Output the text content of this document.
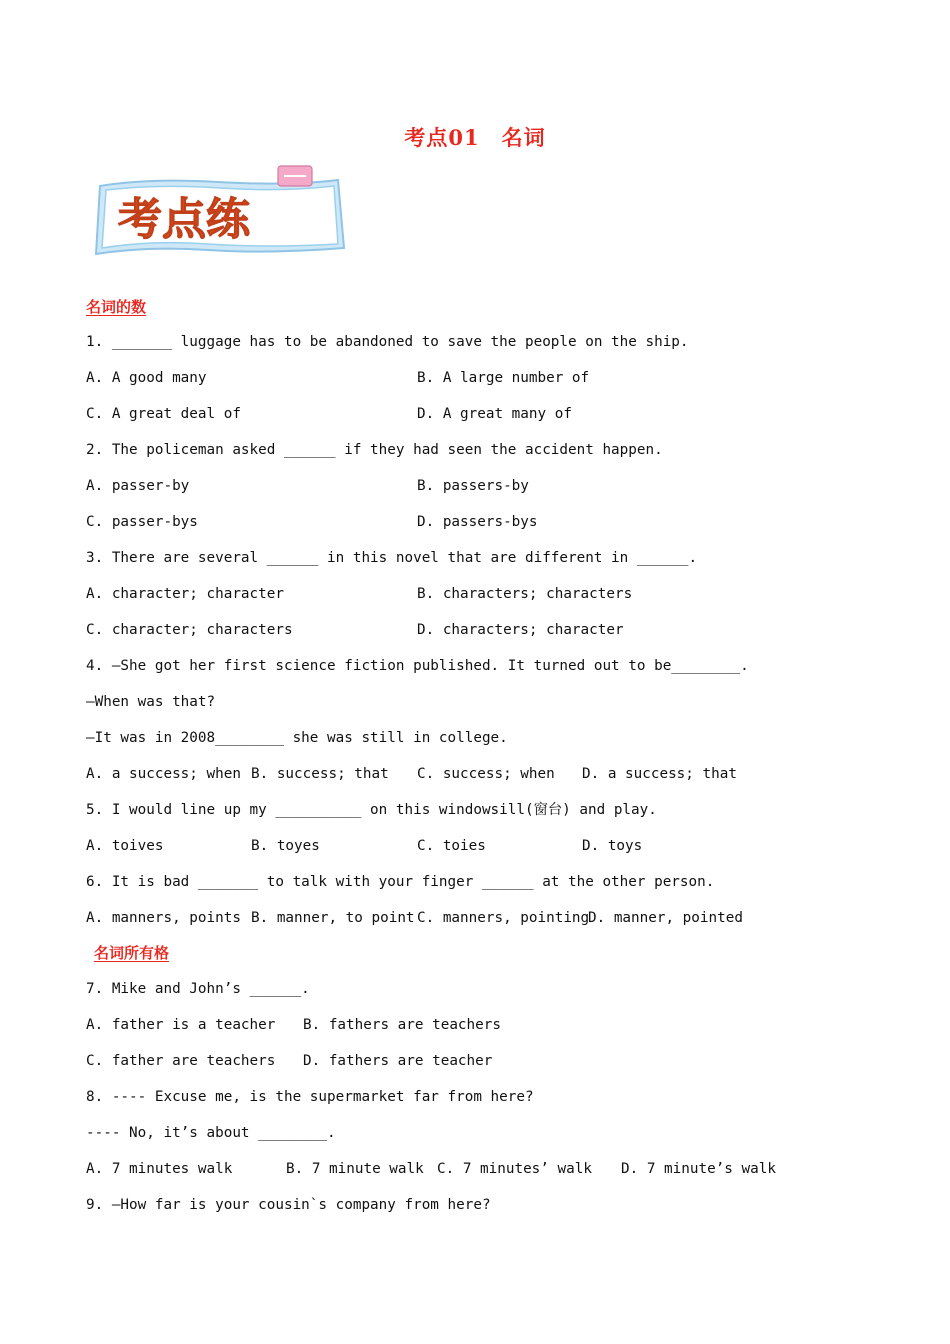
考点01　名词
考点练
名词的数
1. _______ luggage has to be abandoned to save the people on the ship.
A. A good many	B. A large number of
C. A great deal of	D. A great many of
2. The policeman asked ______ if they had seen the accident happen.
A. passer-by	B. passers-by
C. passer-bys	D. passers-bys
3. There are several ______ in this novel that are different in ______.
A. character; character	B. characters; characters
C. character; characters	D. characters; character
4. —She got her first science fiction published. It turned out to be________.
—When was that?
—It was in 2008________ she was still in college.
A. a success; when B. success; that C. success; when D. a success; that
5. I would line up my __________ on this windowsill(窗台) and play.
A. toives	B. toyes	C. toies	D. toys
6. It is bad _______ to talk with your finger ______ at the other person.
A. manners, points B. manner, to point C. manners, pointing
D. manner, pointed
名词所有格
7. Mike and John’s ______.
A. father is a teacher B. fathers are teachers
C. father are teachers D. fathers are teacher
8. ---- Excuse me, is the supermarket far from here?
---- No, it’s about ________.
A. 7 minutes walk	B. 7 minute walk C. 7 minutes’ walk D. 7 minute’s walk
9. —How far is your cousin`s company from here?
